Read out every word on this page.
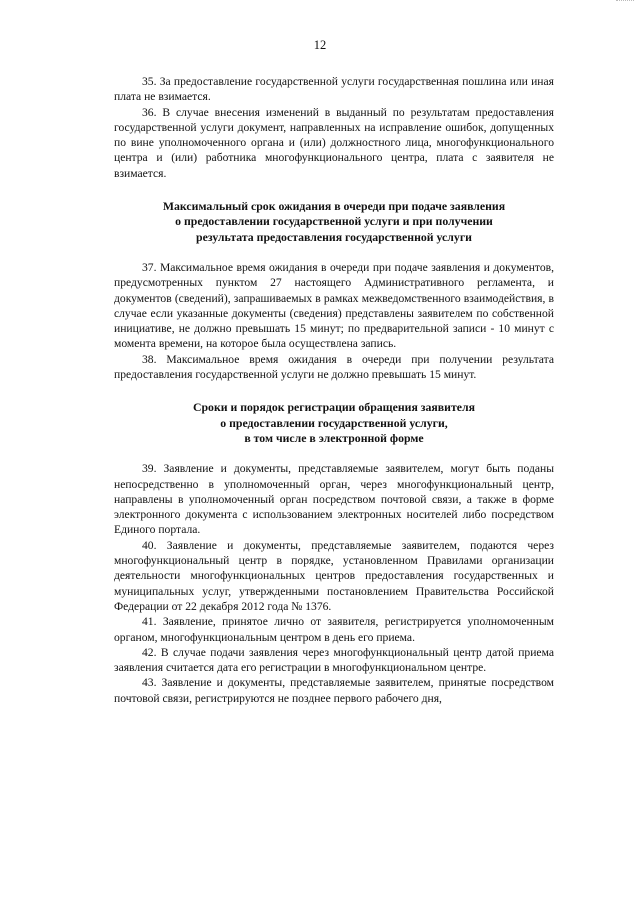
12

35. За предоставление государственной услуги государственная пошлина или иная плата не взимается.

36. В случае внесения изменений в выданный по результатам предоставления государственной услуги документ, направленных на исправление ошибок, допущенных по вине уполномоченного органа и (или) должностного лица, многофункционального центра и (или) работника многофункционального центра, плата с заявителя не взимается.

Максимальный срок ожидания в очереди при подаче заявления
о предоставлении государственной услуги и при получении
результата предоставления государственной услуги

37. Максимальное время ожидания в очереди при подаче заявления и документов, предусмотренных пунктом 27 настоящего Административного регламента, и документов (сведений), запрашиваемых в рамках межведомственного взаимодействия, в случае если указанные документы (сведения) представлены заявителем по собственной инициативе, не должно превышать 15 минут; по предварительной записи - 10 минут с момента времени, на которое была осуществлена запись.

38. Максимальное время ожидания в очереди при получении результата предоставления государственной услуги не должно превышать 15 минут.

Сроки и порядок регистрации обращения заявителя
о предоставлении государственной услуги,
в том числе в электронной форме

39. Заявление и документы, представляемые заявителем, могут быть поданы непосредственно в уполномоченный орган, через многофункциональный центр, направлены в уполномоченный орган посредством почтовой связи, а также в форме электронного документа с использованием электронных носителей либо посредством Единого портала.

40. Заявление и документы, представляемые заявителем, подаются через многофункциональный центр в порядке, установленном Правилами организации деятельности многофункциональных центров предоставления государственных и муниципальных услуг, утвержденными постановлением Правительства Российской Федерации от 22 декабря 2012 года № 1376.

41. Заявление, принятое лично от заявителя, регистрируется уполномоченным органом, многофункциональным центром в день его приема.

42. В случае подачи заявления через многофункциональный центр датой приема заявления считается дата его регистрации в многофункциональном центре.

43. Заявление и документы, представляемые заявителем, принятые посредством почтовой связи, регистрируются не позднее первого рабочего дня,
